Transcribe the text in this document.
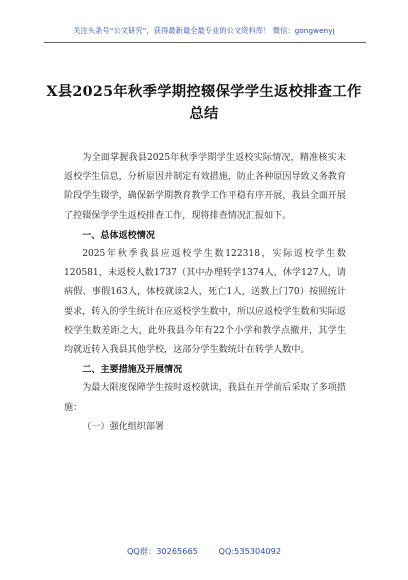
关注头条号“公文研究”，获得最新最全最专业的公文资料库！ 微信：gongwenyj
X县2025年秋季学期控辍保学学生返校排查工作
总结

为全面掌握我县2025年秋季学期学生返校实际情况，精准核实未返校学生信息，分析原因并制定有效措施，防止各种原因导致义务教育阶段学生辍学，确保新学期教育教学工作平稳有序开展，我县全面开展了控辍保学学生返校排查工作，现将排查情况汇报如下。

一、总体返校情况

2025年秋季我县应返校学生数122318，实际返校学生数120581，未返校人数1737（其中办理转学1374人，休学127人，请病假、事假163人，体校就读2人，死亡1人，送教上门70）按照统计要求，转入的学生统计在应返校学生数中，所以应返校学生数和实际返校学生数差距之大，此外我县今年有22个小学和教学点撤并，其学生均就近转入我县其他学校，这部分学生数统计在转学人数中。

二、主要措施及开展情况

为最大限度保障学生按时返校就读，我县在开学前后采取了多项措施：

（一）强化组织部署

QQ群：30265665	QQ:535304092
